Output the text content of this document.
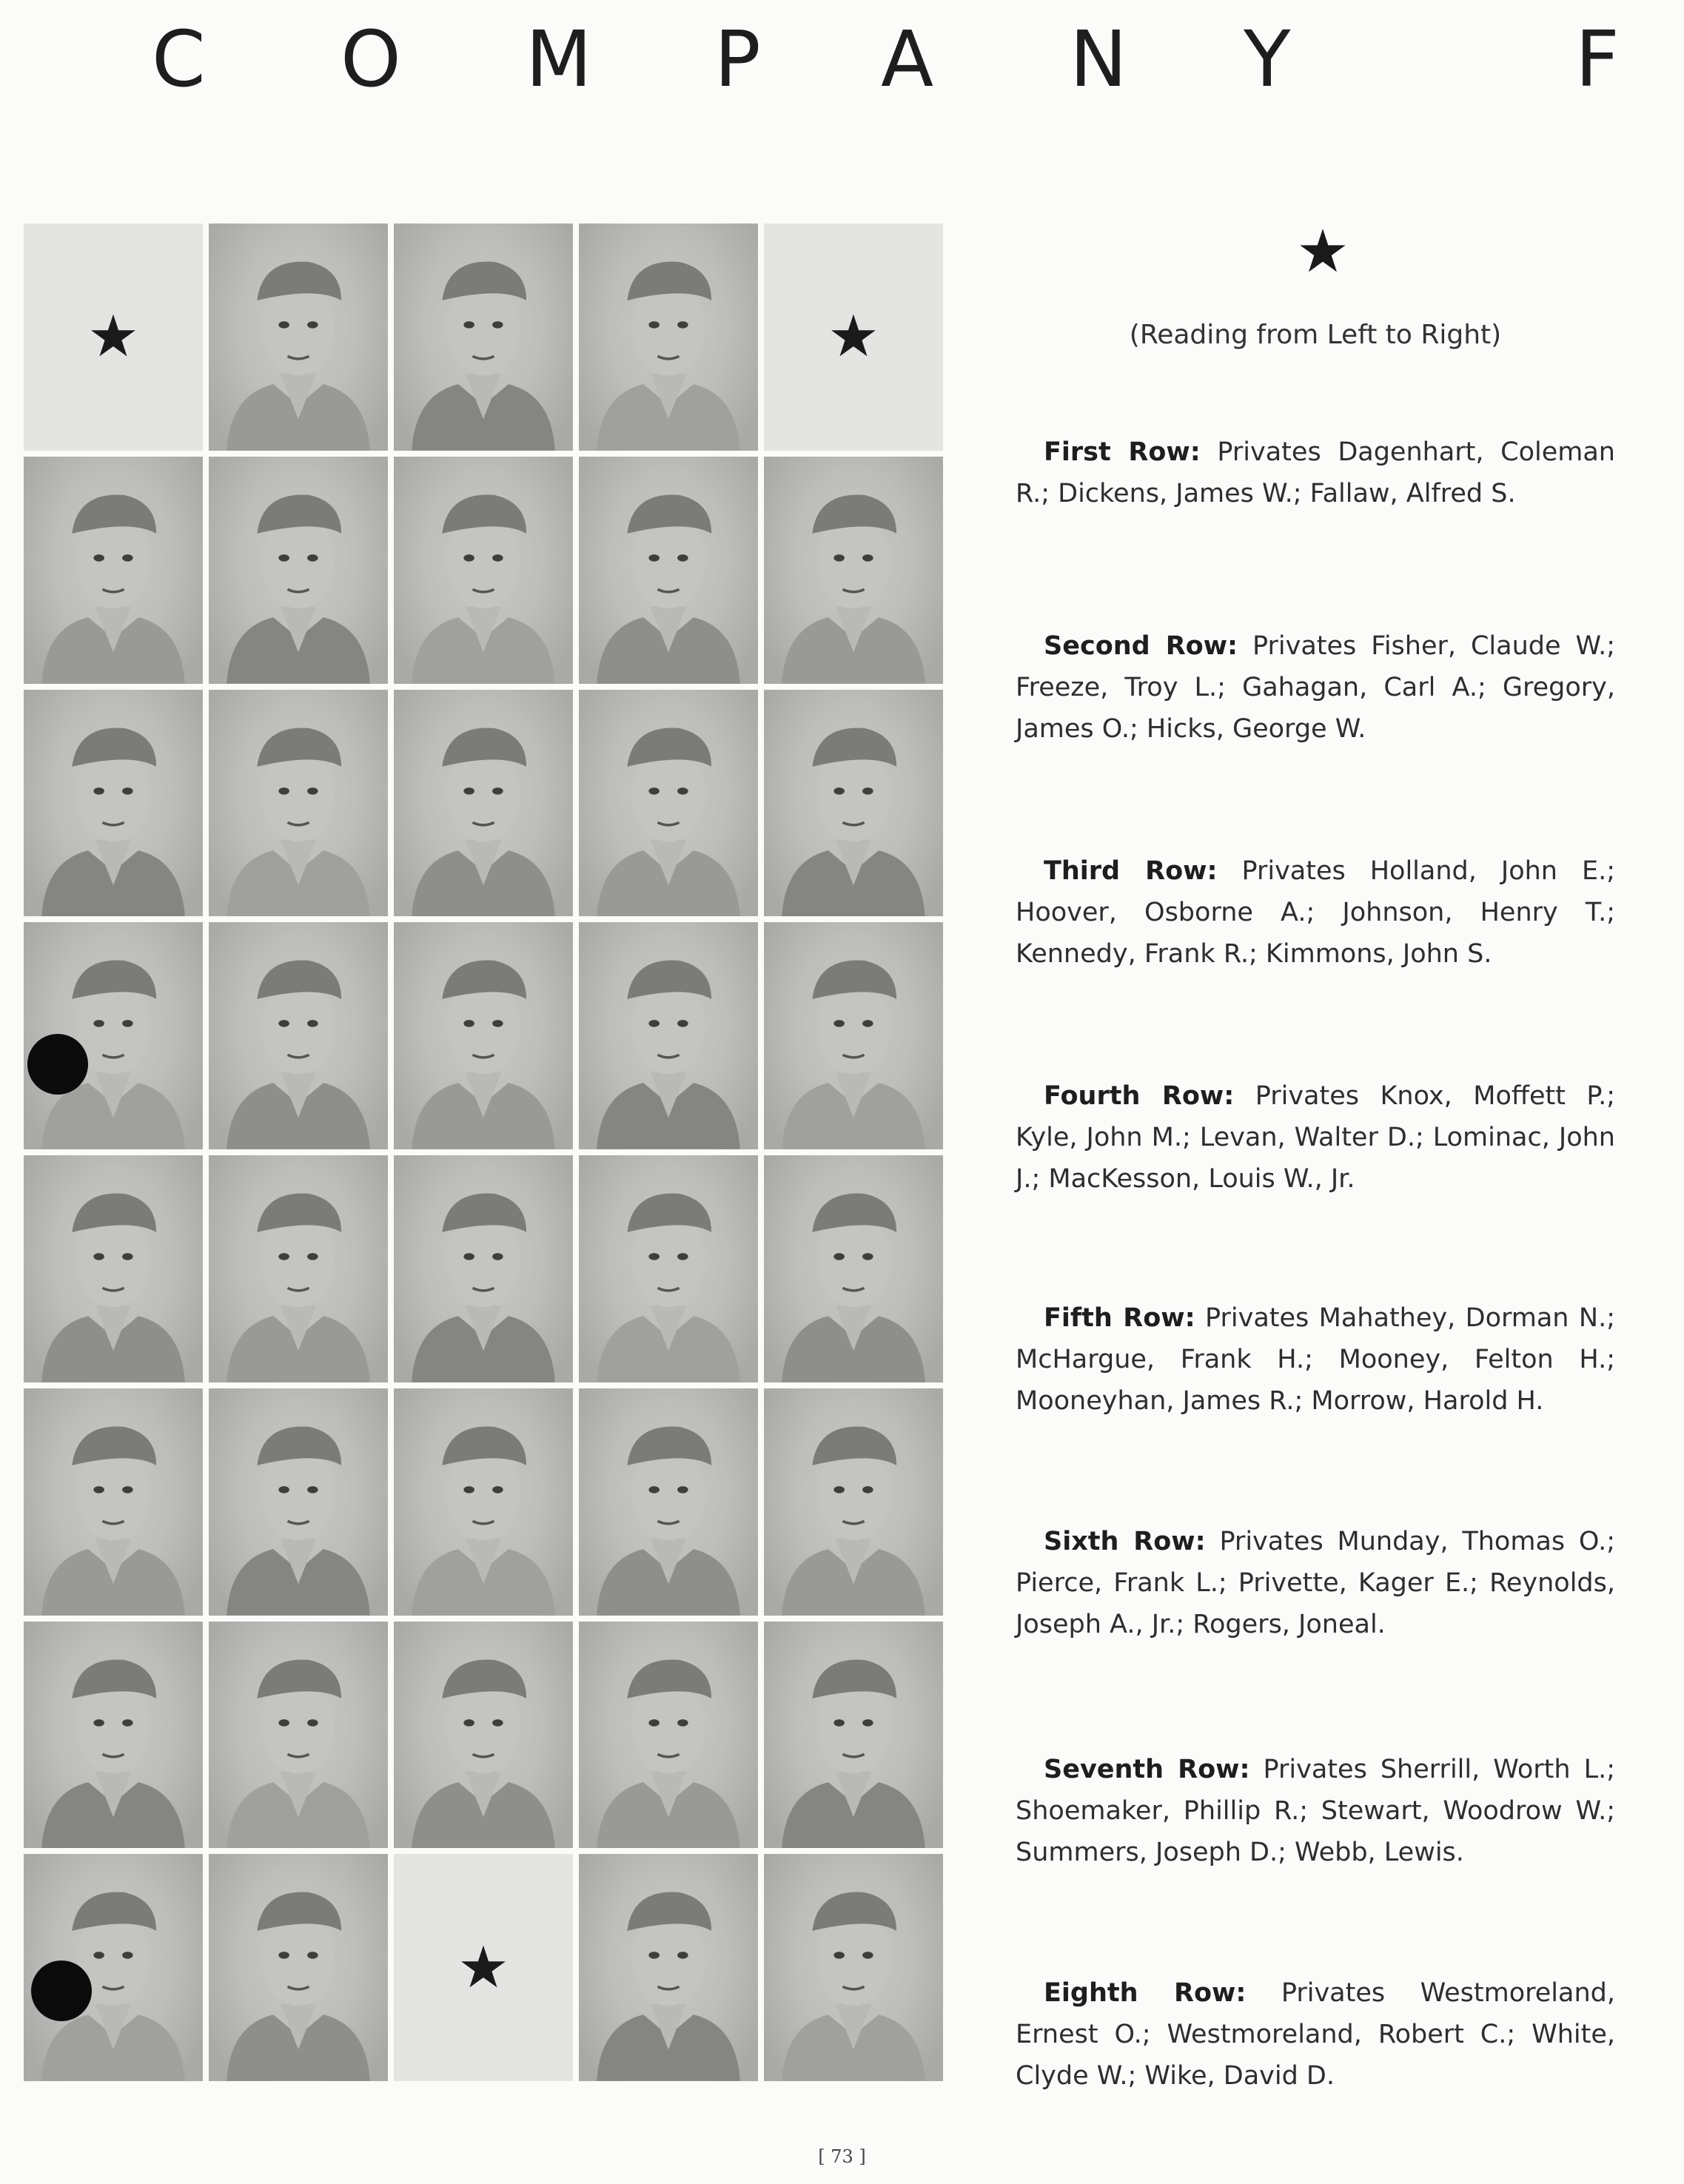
C O M P A N Y	F
★	★
★
★
(Reading from Left to Right)

First Row: Privates Dagenhart, Coleman R.; Dickens, James W.; Fallaw, Alfred S.

Second Row: Privates Fisher, Claude W.; Freeze, Troy L.; Gahagan, Carl A.; Gregory, James O.; Hicks, George W.

Third Row: Privates Holland, John E.; Hoover, Osborne A.; Johnson, Henry T.; Kennedy, Frank R.; Kimmons, John S.

Fourth Row: Privates Knox, Moffett P.; Kyle, John M.; Levan, Walter D.; Lominac, John J.; MacKesson, Louis W., Jr.

Fifth Row: Privates Mahathey, Dorman N.; McHargue, Frank H.; Mooney, Felton H.; Mooneyhan, James R.; Morrow, Harold H.

Sixth Row: Privates Munday, Thomas O.; Pierce, Frank L.; Privette, Kager E.; Reynolds, Joseph A., Jr.; Rogers, Joneal.

Seventh Row: Privates Sherrill, Worth L.; Shoemaker, Phillip R.; Stewart, Woodrow W.; Summers, Joseph D.; Webb, Lewis.

Eighth Row: Privates Westmoreland, Ernest O.; Westmoreland, Robert C.; White, Clyde W.; Wike, David D.

[ 73 ]
